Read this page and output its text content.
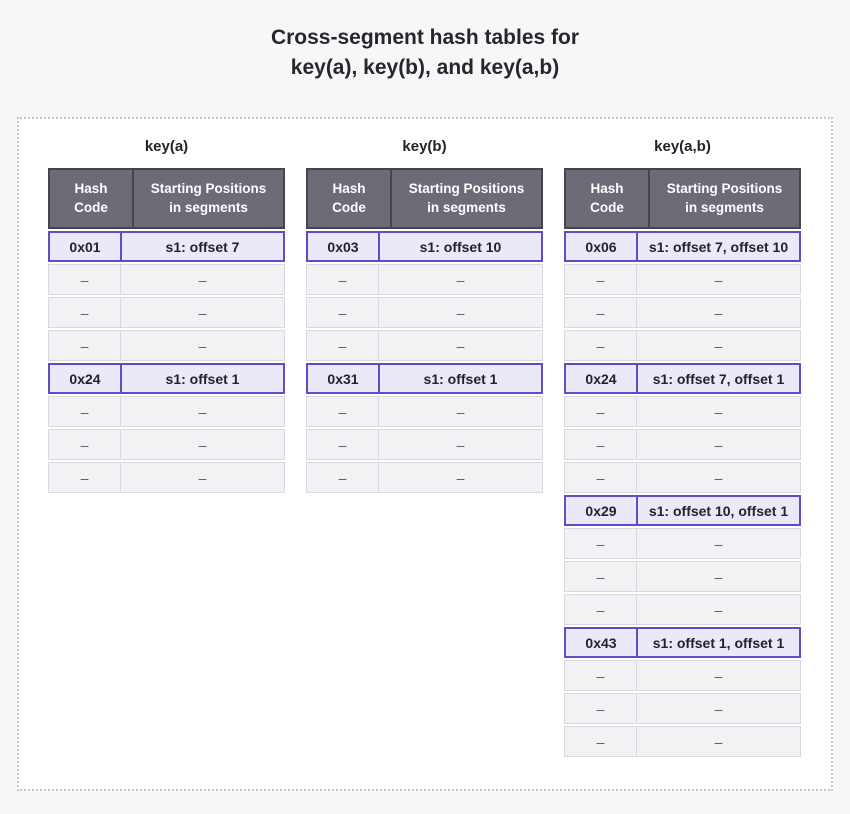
Cross-segment hash tables for
key(a), key(b), and key(a,b)
key(a)
Hash Code
Starting Positions in segments
0x01	s1: offset 7
–	–
–	–
–	–
0x24	s1: offset 1
–	–
–	–
–	–
key(b)
Hash Code
Starting Positions in segments
0x03	s1: offset 10
–	–
–	–
–	–
0x31	s1: offset 1
–	–
–	–
–	–
key(a,b)
Hash Code
Starting Positions in segments
0x06	s1: offset 7, offset 10
–	–
–	–
–	–
0x24	s1: offset 7, offset 1
–	–
–	–
–	–
0x29	s1: offset 10, offset 1
–	–
–	–
–	–
0x43	s1: offset 1, offset 1
–	–
–	–
–	–
